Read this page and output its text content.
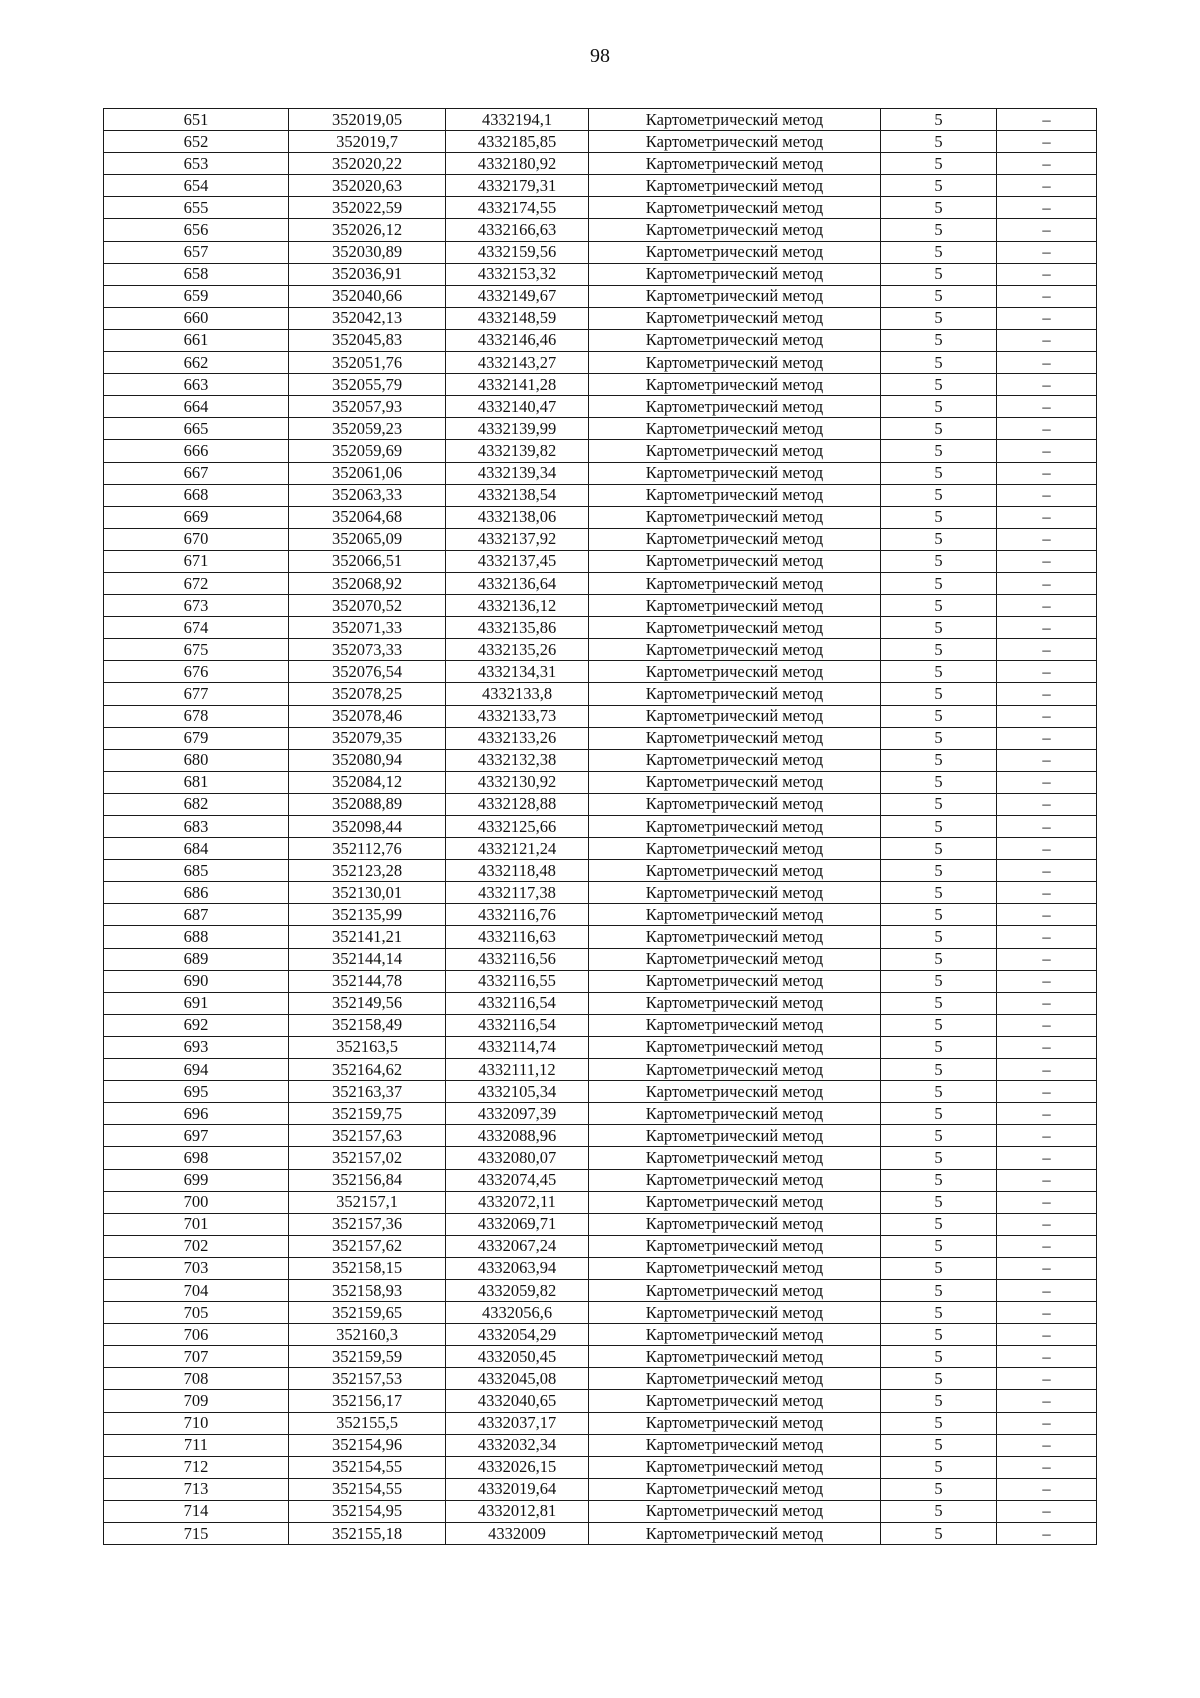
98
651	352019,05	4332194,1	Картометрический метод	5	–
652	352019,7	4332185,85	Картометрический метод	5	–
653	352020,22	4332180,92	Картометрический метод	5	–
654	352020,63	4332179,31	Картометрический метод	5	–
655	352022,59	4332174,55	Картометрический метод	5	–
656	352026,12	4332166,63	Картометрический метод	5	–
657	352030,89	4332159,56	Картометрический метод	5	–
658	352036,91	4332153,32	Картометрический метод	5	–
659	352040,66	4332149,67	Картометрический метод	5	–
660	352042,13	4332148,59	Картометрический метод	5	–
661	352045,83	4332146,46	Картометрический метод	5	–
662	352051,76	4332143,27	Картометрический метод	5	–
663	352055,79	4332141,28	Картометрический метод	5	–
664	352057,93	4332140,47	Картометрический метод	5	–
665	352059,23	4332139,99	Картометрический метод	5	–
666	352059,69	4332139,82	Картометрический метод	5	–
667	352061,06	4332139,34	Картометрический метод	5	–
668	352063,33	4332138,54	Картометрический метод	5	–
669	352064,68	4332138,06	Картометрический метод	5	–
670	352065,09	4332137,92	Картометрический метод	5	–
671	352066,51	4332137,45	Картометрический метод	5	–
672	352068,92	4332136,64	Картометрический метод	5	–
673	352070,52	4332136,12	Картометрический метод	5	–
674	352071,33	4332135,86	Картометрический метод	5	–
675	352073,33	4332135,26	Картометрический метод	5	–
676	352076,54	4332134,31	Картометрический метод	5	–
677	352078,25	4332133,8	Картометрический метод	5	–
678	352078,46	4332133,73	Картометрический метод	5	–
679	352079,35	4332133,26	Картометрический метод	5	–
680	352080,94	4332132,38	Картометрический метод	5	–
681	352084,12	4332130,92	Картометрический метод	5	–
682	352088,89	4332128,88	Картометрический метод	5	–
683	352098,44	4332125,66	Картометрический метод	5	–
684	352112,76	4332121,24	Картометрический метод	5	–
685	352123,28	4332118,48	Картометрический метод	5	–
686	352130,01	4332117,38	Картометрический метод	5	–
687	352135,99	4332116,76	Картометрический метод	5	–
688	352141,21	4332116,63	Картометрический метод	5	–
689	352144,14	4332116,56	Картометрический метод	5	–
690	352144,78	4332116,55	Картометрический метод	5	–
691	352149,56	4332116,54	Картометрический метод	5	–
692	352158,49	4332116,54	Картометрический метод	5	–
693	352163,5	4332114,74	Картометрический метод	5	–
694	352164,62	4332111,12	Картометрический метод	5	–
695	352163,37	4332105,34	Картометрический метод	5	–
696	352159,75	4332097,39	Картометрический метод	5	–
697	352157,63	4332088,96	Картометрический метод	5	–
698	352157,02	4332080,07	Картометрический метод	5	–
699	352156,84	4332074,45	Картометрический метод	5	–
700	352157,1	4332072,11	Картометрический метод	5	–
701	352157,36	4332069,71	Картометрический метод	5	–
702	352157,62	4332067,24	Картометрический метод	5	–
703	352158,15	4332063,94	Картометрический метод	5	–
704	352158,93	4332059,82	Картометрический метод	5	–
705	352159,65	4332056,6	Картометрический метод	5	–
706	352160,3	4332054,29	Картометрический метод	5	–
707	352159,59	4332050,45	Картометрический метод	5	–
708	352157,53	4332045,08	Картометрический метод	5	–
709	352156,17	4332040,65	Картометрический метод	5	–
710	352155,5	4332037,17	Картометрический метод	5	–
711	352154,96	4332032,34	Картометрический метод	5	–
712	352154,55	4332026,15	Картометрический метод	5	–
713	352154,55	4332019,64	Картометрический метод	5	–
714	352154,95	4332012,81	Картометрический метод	5	–
715	352155,18	4332009	Картометрический метод	5	–
